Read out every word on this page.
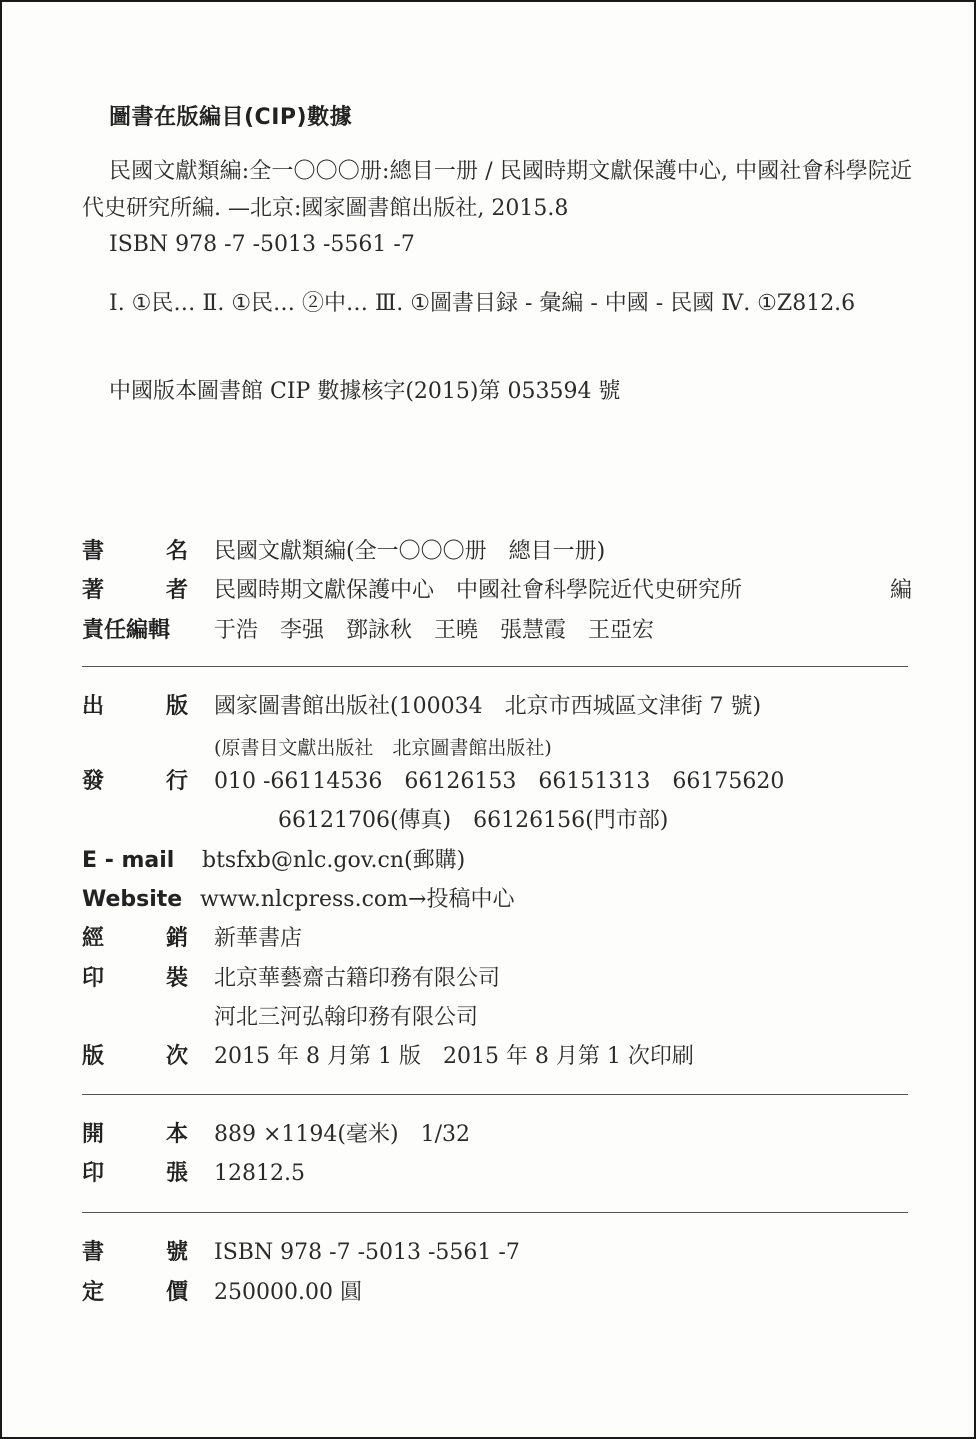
圖書在版編目(CIP)數據
民國文獻類編:全一〇〇〇册:總目一册 / 民國時期文獻保護中心, 中國社會科學院近代史研究所編. —北京:國家圖書館出版社, 2015.8
ISBN 978 -7 -5013 -5561 -7
Ⅰ. ①民… Ⅱ. ①民… ②中… Ⅲ. ①圖書目録 - 彙編 - 中國 - 民國 Ⅳ. ①Z812.6
中國版本圖書館 CIP 數據核字(2015)第 053594 號
書	名 民國文獻類編(全一〇〇〇册　總目一册)
著	者 民國時期文獻保護中心　中國社會科學院近代史研究所	編
責任編輯	于浩　李强　鄧詠秋　王曉　張慧霞　王亞宏
出	版 國家圖書館出版社(100034　北京市西城區文津街 7 號)
(原書目文獻出版社　北京圖書館出版社)
發	行 010 -66114536　66126153　66151313　66175620
66121706(傳真)　66126156(門市部)
E - mail	btsfxb@nlc.gov.cn(郵購)
Website www.nlcpress.com→投稿中心
經	銷 新華書店
印	裝 北京華藝齋古籍印務有限公司
河北三河弘翰印務有限公司
版	次 2015 年 8 月第 1 版　2015 年 8 月第 1 次印刷
開	本 889 ×1194(毫米)　1/32
印	張 12812.5
書	號 ISBN 978 -7 -5013 -5561 -7
定	價 250000.00 圓
